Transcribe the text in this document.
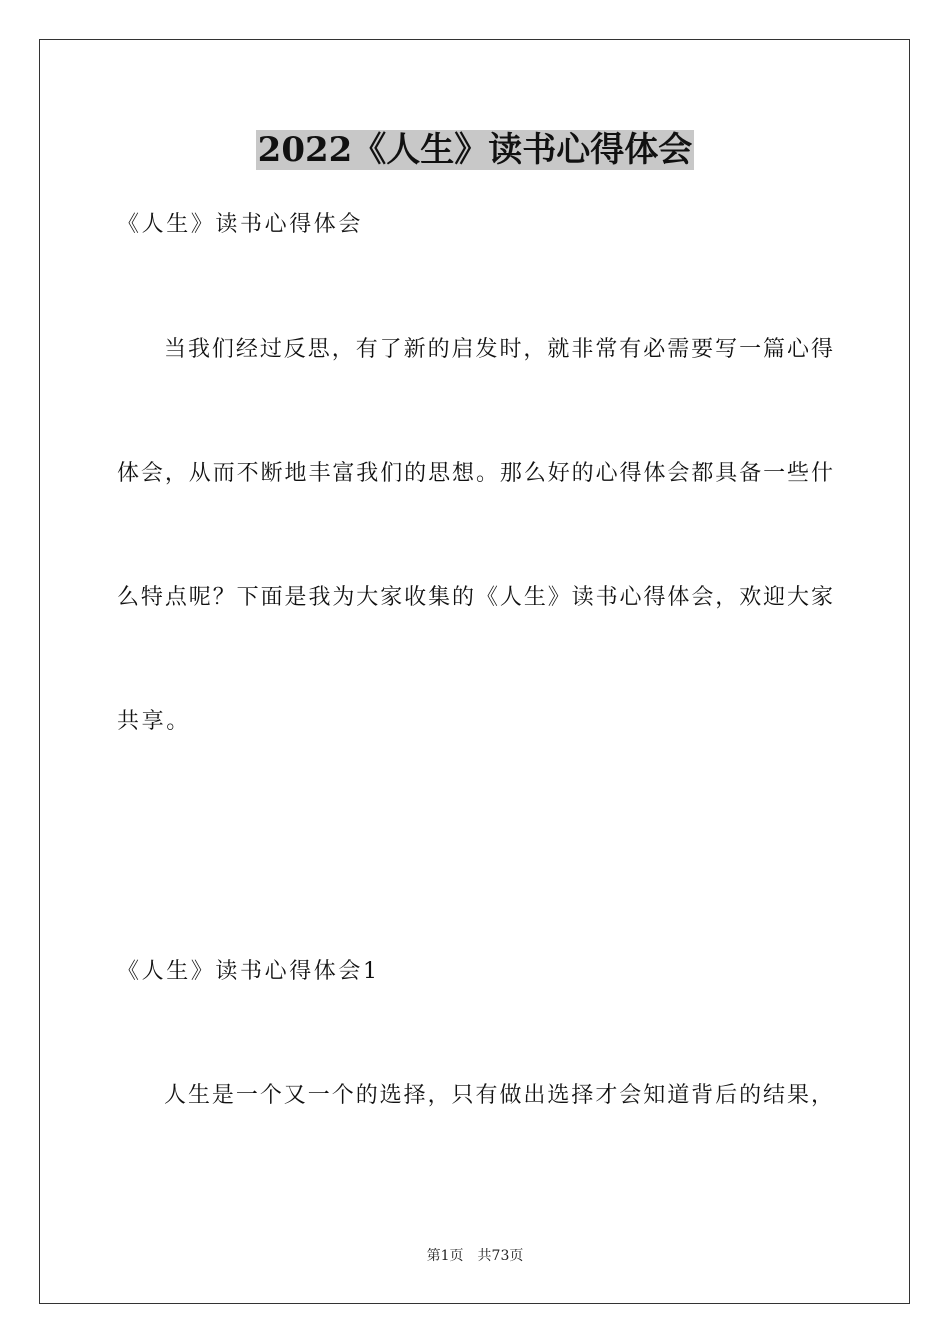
2022《人生》读书心得体会
《人生》读书心得体会
当我们经过反思，有了新的启发时，就非常有必需要写一篇心得
体会，从而不断地丰富我们的思想。那么好的心得体会都具备一些什
么特点呢？下面是我为大家收集的《人生》读书心得体会，欢迎大家
共享。
《人生》读书心得体会1
人生是一个又一个的选择，只有做出选择才会知道背后的结果，
第1页　共73页
